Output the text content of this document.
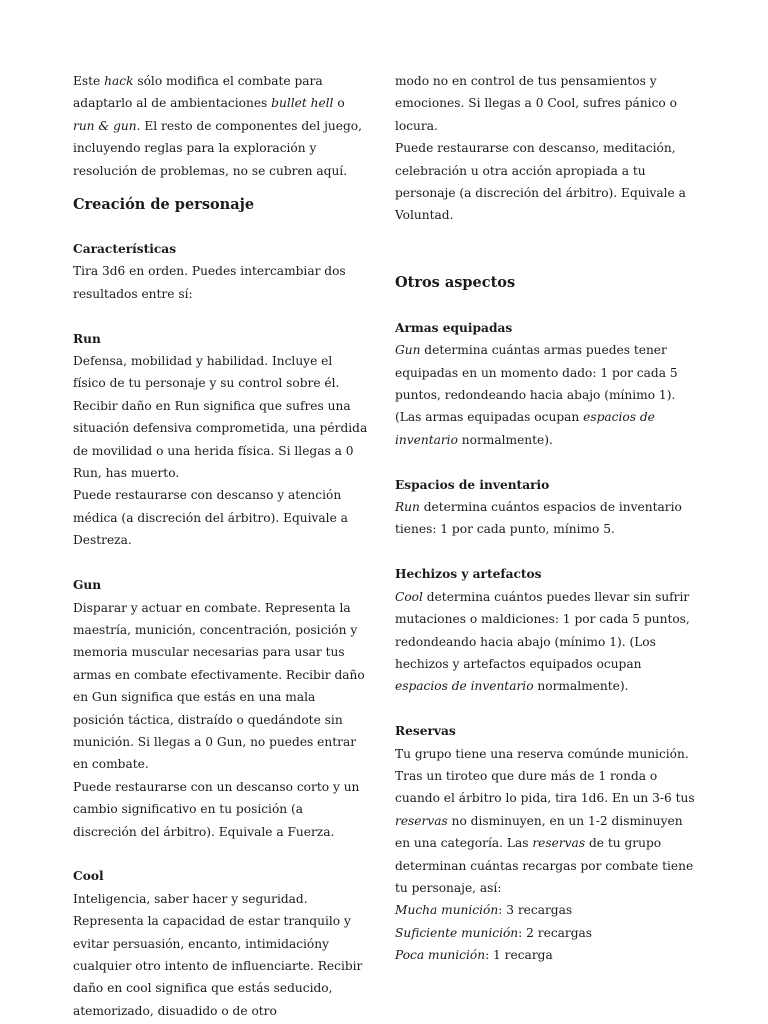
Este hack sólo modifica el combate para adaptarlo al de ambientaciones bullet hell o run & gun. El resto de componentes del juego, incluyendo reglas para la exploración y resolución de problemas, no se cubren aquí.

Creación de personaje

Características

Tira 3d6 en orden. Puedes intercambiar dos resultados entre sí:

Run

Defensa, mobilidad y habilidad. Incluye el físico de tu personaje y su control sobre él. Recibir daño en Run significa que sufres una situación defensiva comprometida, una pérdida de movilidad o una herida física. Si llegas a 0 Run, has muerto.

Puede restaurarse con descanso y atención médica (a discreción del árbitro). Equivale a Destreza.

Gun

Disparar y actuar en combate. Representa la maestría, munición, concentración, posición y memoria muscular necesarias para usar tus armas en combate efectivamente. Recibir daño en Gun significa que estás en una mala posición táctica, distraído o quedándote sin munición. Si llegas a 0 Gun, no puedes entrar en combate.

Puede restaurarse con un descanso corto y un cambio significativo en tu posición (a discreción del árbitro). Equivale a Fuerza.

Cool

Inteligencia, saber hacer y seguridad. Representa la capacidad de estar tranquilo y evitar persuasión, encanto, intimidacióny cualquier otro intento de influenciarte. Recibir daño en cool significa que estás seducido, atemorizado, disuadido o de otro

modo no en control de tus pensamientos y emociones. Si llegas a 0 Cool, sufres pánico o locura.

Puede restaurarse con descanso, meditación, celebración u otra acción apropiada a tu personaje (a discreción del árbitro). Equivale a Voluntad.

Otros aspectos

Armas equipadas

Gun determina cuántas armas puedes tener equipadas en un momento dado: 1 por cada 5 puntos, redondeando hacia abajo (mínimo 1). (Las armas equipadas ocupan espacios de inventario normalmente).

Espacios de inventario

Run determina cuántos espacios de inventario tienes: 1 por cada punto, mínimo 5.

Hechizos y artefactos

Cool determina cuántos puedes llevar sin sufrir mutaciones o maldiciones: 1 por cada 5 puntos, redondeando hacia abajo (mínimo 1). (Los hechizos y artefactos equipados ocupan espacios de inventario normalmente).

Reservas

Tu grupo tiene una reserva comúnde munición. Tras un tiroteo que dure más de 1 ronda o cuando el árbitro lo pida, tira 1d6. En un 3-6 tus reservas no disminuyen, en un 1-2 disminuyen en una categoría. Las reservas de tu grupo determinan cuántas recargas por combate tiene tu personaje, así:

Mucha munición: 3 recargas

Suficiente munición: 2 recargas

Poca munición: 1 recarga
